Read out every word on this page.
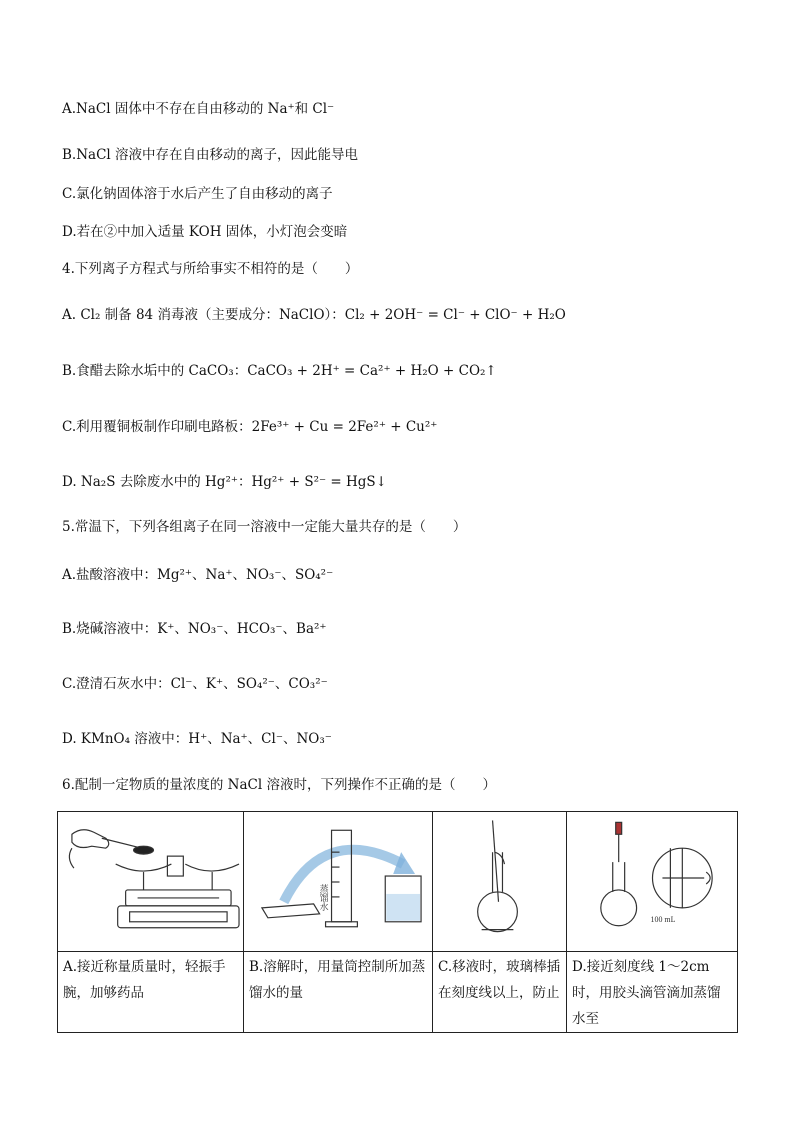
A.NaCl 固体中不存在自由移动的 Na⁺和 Cl⁻
B.NaCl 溶液中存在自由移动的离子，因此能导电
C.氯化钠固体溶于水后产生了自由移动的离子
D.若在②中加入适量 KOH 固体，小灯泡会变暗
4.下列离子方程式与所给事实不相符的是（　　）
A. Cl₂ 制备 84 消毒液（主要成分：NaClO）：Cl₂ + 2OH⁻ = Cl⁻ + ClO⁻ + H₂O
B.食醋去除水垢中的 CaCO₃：CaCO₃ + 2H⁺ = Ca²⁺ + H₂O + CO₂↑
C.利用覆铜板制作印刷电路板：2Fe³⁺ + Cu = 2Fe²⁺ + Cu²⁺
D. Na₂S 去除废水中的 Hg²⁺：Hg²⁺ + S²⁻ = HgS↓
5.常温下，下列各组离子在同一溶液中一定能大量共存的是（　　）
A.盐酸溶液中：Mg²⁺、Na⁺、NO₃⁻、SO₄²⁻
B.烧碱溶液中：K⁺、NO₃⁻、HCO₃⁻、Ba²⁺
C.澄清石灰水中：Cl⁻、K⁺、SO₄²⁻、CO₃²⁻
D. KMnO₄ 溶液中：H⁺、Na⁺、Cl⁻、NO₃⁻
6.配制一定物质的量浓度的 NaCl 溶液时，下列操作不正确的是（　　）

蒸馏水		100 mL

A.接近称量质量时，轻振手腕，加够药品	B.溶解时，用量筒控制所加蒸馏水的量	C.移液时，玻璃棒插在刻度线以上，防止	D.接近刻度线 1～2cm时，用胶头滴管滴加蒸馏水至
